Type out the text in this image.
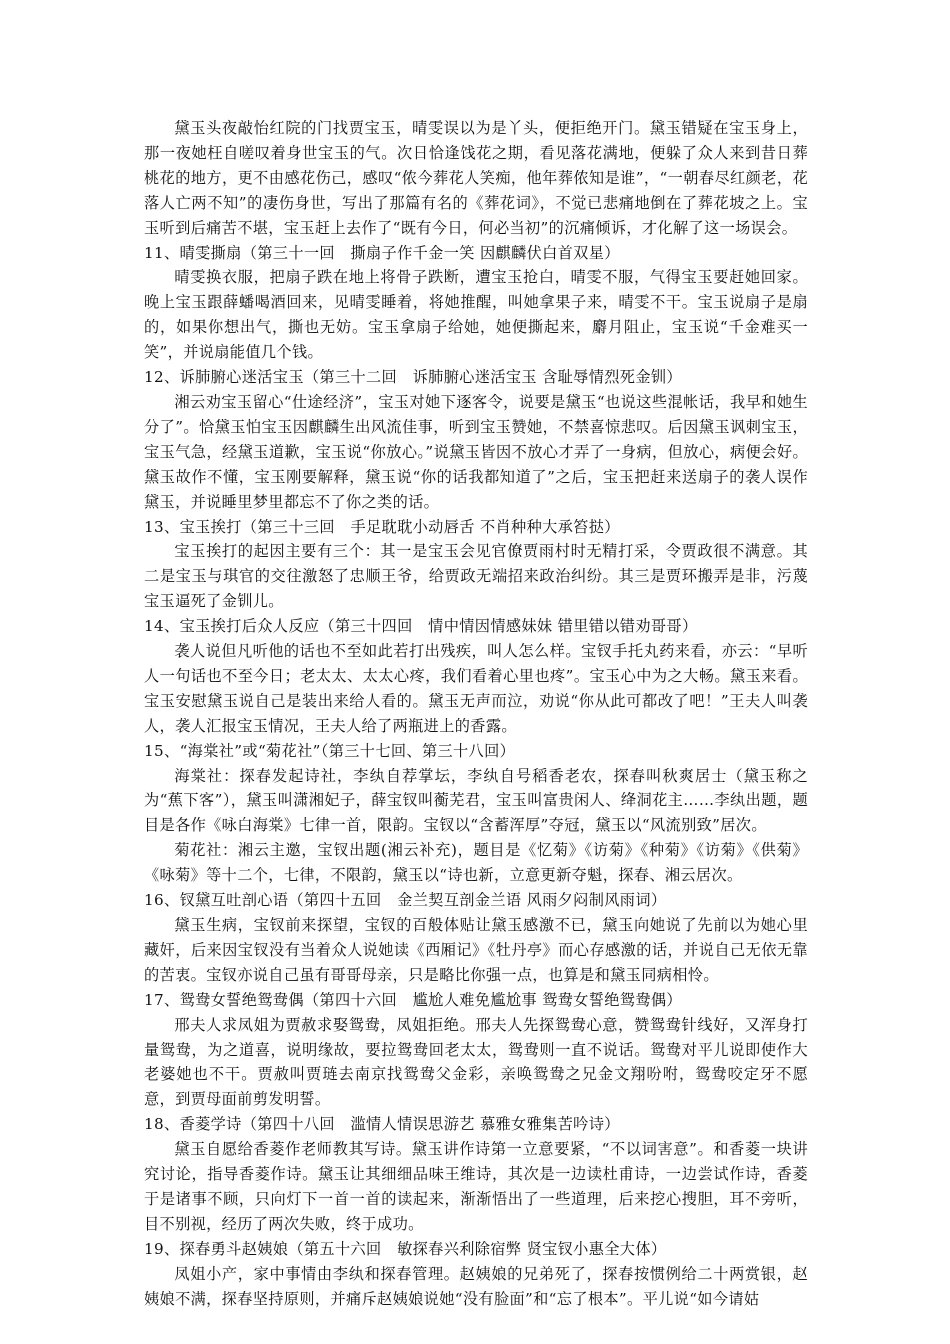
黛玉头夜敲怡红院的门找贾宝玉，晴雯误以为是丫头，便拒绝开门。黛玉错疑在宝玉身上，那一夜她枉自嗟叹着身世宝玉的气。次日恰逢饯花之期，看见落花满地，便躲了众人来到昔日葬桃花的地方，更不由感花伤己，感叹“侬今葬花人笑痴，他年葬侬知是谁”，“一朝春尽红颜老，花落人亡两不知”的凄伤身世，写出了那篇有名的《葬花词》，不觉已悲痛地倒在了葬花坡之上。宝玉听到后痛苦不堪，宝玉赶上去作了“既有今日，何必当初”的沉痛倾诉，才化解了这一场误会。

11、晴雯撕扇（第三十一回　撕扇子作千金一笑 因麒麟伏白首双星）

晴雯换衣服，把扇子跌在地上将骨子跌断，遭宝玉抢白，晴雯不服，气得宝玉要赶她回家。晚上宝玉跟薛蟠喝酒回来，见晴雯睡着，将她推醒，叫她拿果子来，晴雯不干。宝玉说扇子是扇的，如果你想出气，撕也无妨。宝玉拿扇子给她，她便撕起来，麝月阻止，宝玉说“千金难买一笑”，并说扇能值几个钱。

12、诉肺腑心迷活宝玉（第三十二回　诉肺腑心迷活宝玉 含耻辱情烈死金钏）

湘云劝宝玉留心“仕途经济”，宝玉对她下逐客令，说要是黛玉“也说这些混帐话，我早和她生分了”。恰黛玉怕宝玉因麒麟生出风流佳事，听到宝玉赞她，不禁喜惊悲叹。后因黛玉讽刺宝玉，宝玉气急，经黛玉道歉，宝玉说“你放心。”说黛玉皆因不放心才弄了一身病，但放心，病便会好。黛玉故作不懂，宝玉刚要解释，黛玉说“你的话我都知道了”之后，宝玉把赶来送扇子的袭人误作黛玉，并说睡里梦里都忘不了你之类的话。

13、宝玉挨打（第三十三回　手足耽耽小动唇舌 不肖种种大承笞挞）

宝玉挨打的起因主要有三个：其一是宝玉会见官僚贾雨村时无精打采，令贾政很不满意。其二是宝玉与琪官的交往激怒了忠顺王爷，给贾政无端招来政治纠纷。其三是贾环搬弄是非，污蔑宝玉逼死了金钏儿。

14、宝玉挨打后众人反应（第三十四回　情中情因情感妹妹 错里错以错劝哥哥）

袭人说但凡听他的话也不至如此若打出残疾，叫人怎么样。宝钗手托丸药来看，亦云：“早听人一句话也不至今日；老太太、太太心疼，我们看着心里也疼”。宝玉心中为之大畅。黛玉来看。宝玉安慰黛玉说自己是装出来给人看的。黛玉无声而泣，劝说“你从此可都改了吧！”王夫人叫袭人，袭人汇报宝玉情况，王夫人给了两瓶进上的香露。

15、“海棠社”或“菊花社”（第三十七回、第三十八回）

海棠社：探春发起诗社，李纨自荐掌坛，李纨自号稻香老农，探春叫秋爽居士（黛玉称之为“蕉下客”），黛玉叫潇湘妃子，薛宝钗叫蘅芜君，宝玉叫富贵闲人、绛洞花主……李纨出题，题目是各作《咏白海棠》七律一首，限韵。宝钗以“含蓄浑厚”夺冠，黛玉以“风流别致”居次。

菊花社：湘云主邀，宝钗出题(湘云补充)，题目是《忆菊》《访菊》《种菊》《访菊》《供菊》《咏菊》等十二个，七律，不限韵，黛玉以“诗也新，立意更新夺魁，探春、湘云居次。

16、钗黛互吐剖心语（第四十五回　金兰契互剖金兰语 风雨夕闷制风雨词）

黛玉生病，宝钗前来探望，宝钗的百般体贴让黛玉感激不已，黛玉向她说了先前以为她心里藏奸，后来因宝钗没有当着众人说她读《西厢记》《牡丹亭》而心存感激的话，并说自己无依无靠的苦衷。宝钗亦说自己虽有哥哥母亲，只是略比你强一点，也算是和黛玉同病相怜。

17、鸳鸯女誓绝鸳鸯偶（第四十六回　尴尬人难免尴尬事 鸳鸯女誓绝鸳鸯偶）

邢夫人求凤姐为贾赦求娶鸳鸯，凤姐拒绝。邢夫人先探鸳鸯心意，赞鸳鸯针线好，又浑身打量鸳鸯，为之道喜，说明缘故，要拉鸳鸯回老太太，鸳鸯则一直不说话。鸳鸯对平儿说即使作大老婆她也不干。贾赦叫贾琏去南京找鸳鸯父金彩，亲唤鸳鸯之兄金文翔吩咐，鸳鸯咬定牙不愿意，到贾母面前剪发明誓。

18、香菱学诗（第四十八回　滥情人情误思游艺 慕雅女雅集苦吟诗）

黛玉自愿给香菱作老师教其写诗。黛玉讲作诗第一立意要紧，“不以词害意”。和香菱一块讲究讨论，指导香菱作诗。黛玉让其细细品味王维诗，其次是一边读杜甫诗，一边尝试作诗，香菱于是诸事不顾，只向灯下一首一首的读起来，渐渐悟出了一些道理，后来挖心搜胆，耳不旁听，目不别视，经历了两次失败，终于成功。

19、探春勇斗赵姨娘（第五十六回　敏探春兴利除宿弊 贤宝钗小惠全大体）

凤姐小产，家中事情由李纨和探春管理。赵姨娘的兄弟死了，探春按惯例给二十两赏银，赵姨娘不满，探春坚持原则，并痛斥赵姨娘说她“没有脸面”和“忘了根本”。平儿说“如今请姑
